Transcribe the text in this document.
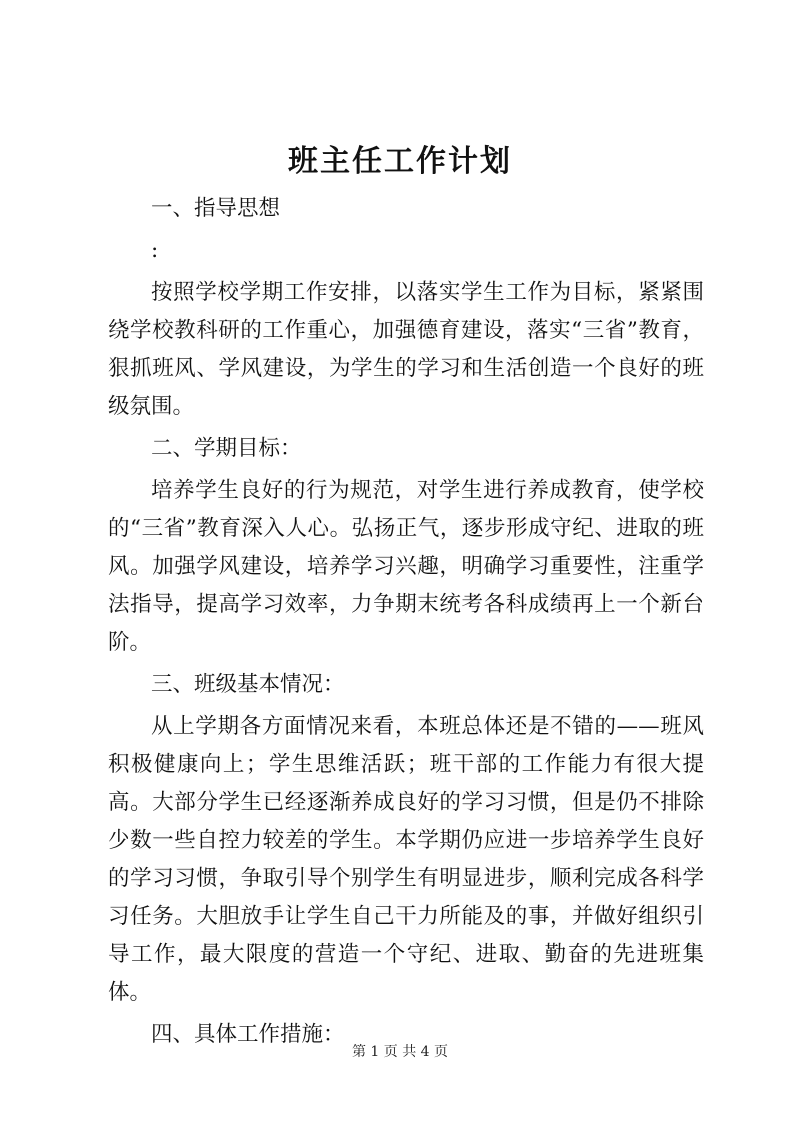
班主任工作计划

一、指导思想

:

按照学校学期工作安排，以落实学生工作为目标，紧紧围绕学校教科研的工作重心，加强德育建设，落实“三省”教育，狠抓班风、学风建设，为学生的学习和生活创造一个良好的班级氛围。

二、学期目标：

培养学生良好的行为规范，对学生进行养成教育，使学校的“三省”教育深入人心。弘扬正气，逐步形成守纪、进取的班风。加强学风建设，培养学习兴趣，明确学习重要性，注重学法指导，提高学习效率，力争期末统考各科成绩再上一个新台阶。

三、班级基本情况：

从上学期各方面情况来看，本班总体还是不错的——班风积极健康向上；学生思维活跃；班干部的工作能力有很大提高。大部分学生已经逐渐养成良好的学习习惯，但是仍不排除少数一些自控力较差的学生。本学期仍应进一步培养学生良好的学习习惯，争取引导个别学生有明显进步，顺利完成各科学习任务。大胆放手让学生自己干力所能及的事，并做好组织引导工作，最大限度的营造一个守纪、进取、勤奋的先进班集体。

四、具体工作措施：

第 1 页 共 4 页
